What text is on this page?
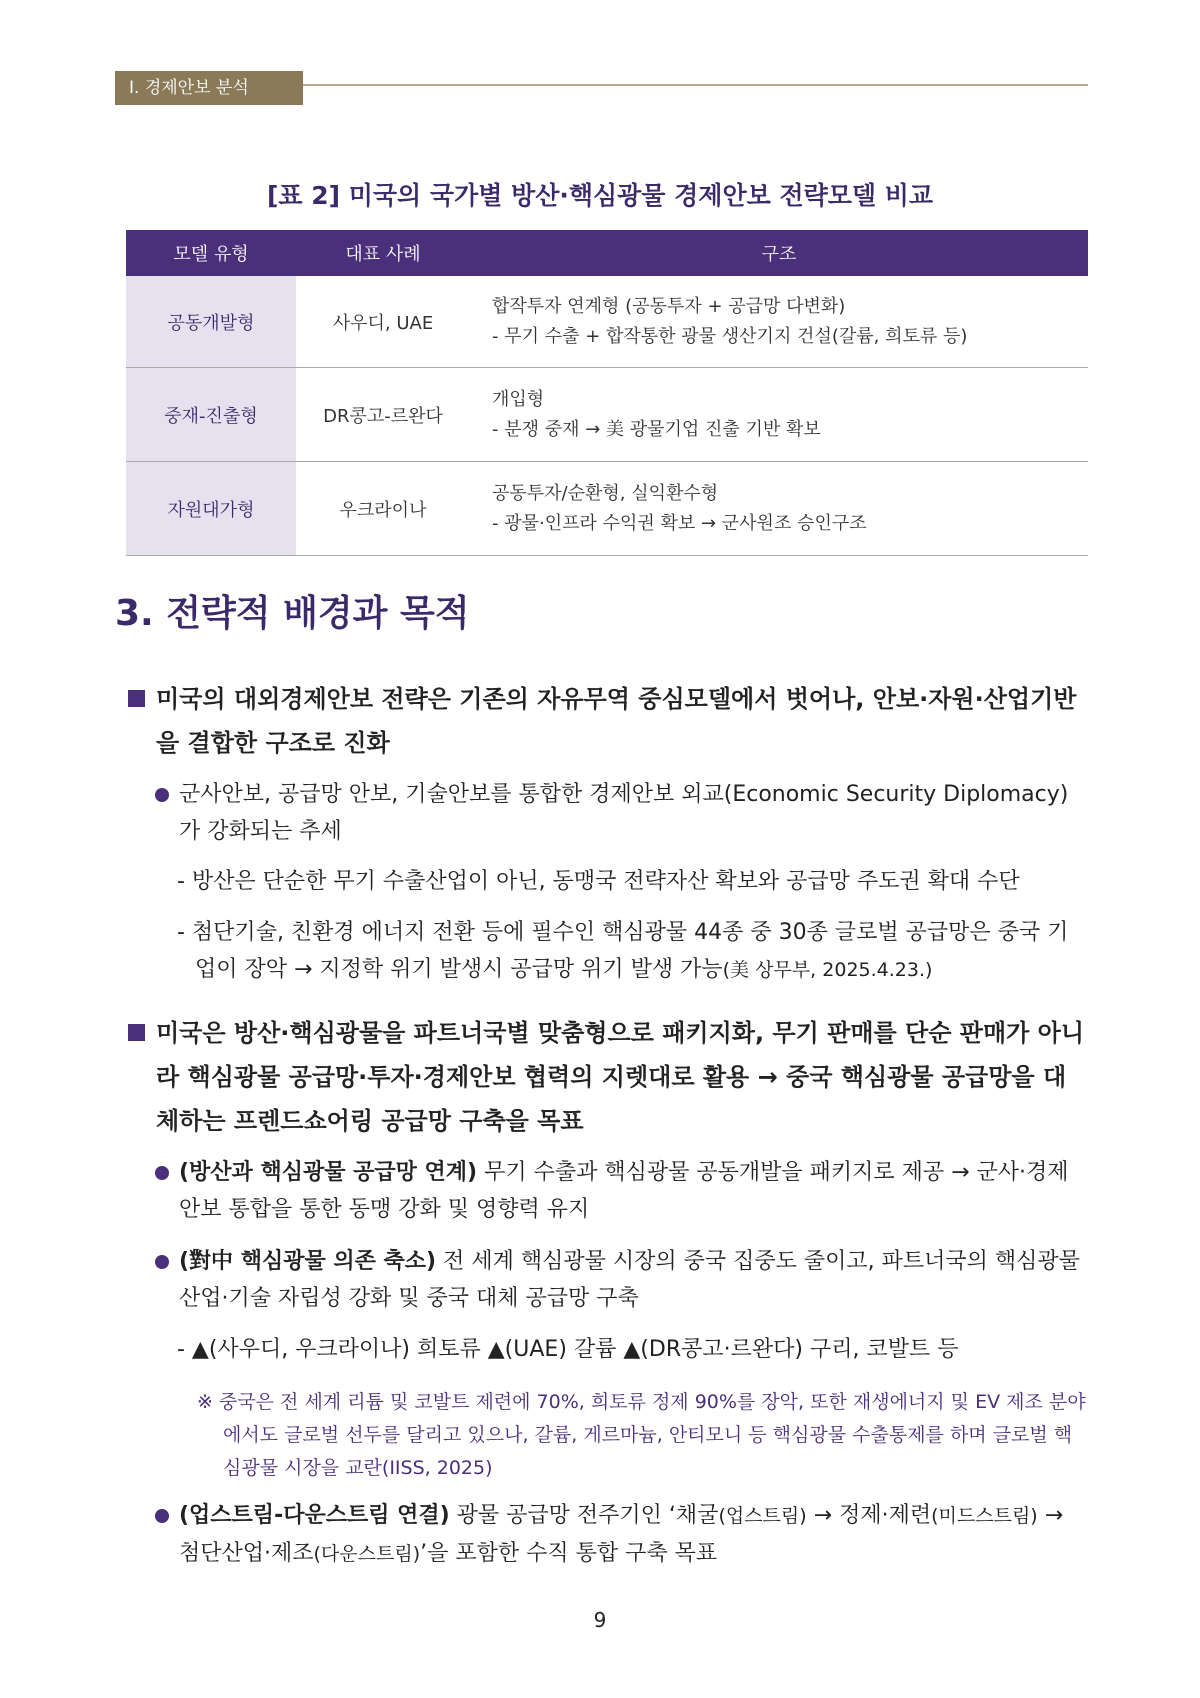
Ⅰ. 경제안보 분석
[표 2] 미국의 국가별 방산·핵심광물 경제안보 전략모델 비교
모델 유형	대표 사례	구조
공동개발형	사우디, UAE	합작투자 연계형 (공동투자 + 공급망 다변화)
- 무기 수출 + 합작통한 광물 생산기지 건설(갈륨, 희토류 등)

중재-진출형	DR콩고-르완다	개입형
- 분쟁 중재 → 美 광물기업 진출 기반 확보

자원대가형	우크라이나	공동투자/순환형, 실익환수형
- 광물·인프라 수익권 확보 → 군사원조 승인구조
3. 전략적 배경과 목적
미국의 대외경제안보 전략은 기존의 자유무역 중심모델에서 벗어나, 안보·자원·산업기반을 결합한 구조로 진화
군사안보, 공급망 안보, 기술안보를 통합한 경제안보 외교(Economic Security Diplomacy)가 강화되는 추세
- 방산은 단순한 무기 수출산업이 아닌, 동맹국 전략자산 확보와 공급망 주도권 확대 수단
- 첨단기술, 친환경 에너지 전환 등에 필수인 핵심광물 44종 중 30종 글로벌 공급망은 중국 기업이 장악 → 지정학 위기 발생시 공급망 위기 발생 가능(美 상무부, 2025.4.23.)
미국은 방산·핵심광물을 파트너국별 맞춤형으로 패키지화, 무기 판매를 단순 판매가 아니라 핵심광물 공급망·투자·경제안보 협력의 지렛대로 활용 → 중국 핵심광물 공급망을 대체하는 프렌드쇼어링 공급망 구축을 목표
(방산과 핵심광물 공급망 연계) 무기 수출과 핵심광물 공동개발을 패키지로 제공 → 군사·경제안보 통합을 통한 동맹 강화 및 영향력 유지
(對中 핵심광물 의존 축소) 전 세계 핵심광물 시장의 중국 집중도 줄이고, 파트너국의 핵심광물 산업·기술 자립성 강화 및 중국 대체 공급망 구축
- ▲(사우디, 우크라이나) 희토류 ▲(UAE) 갈륨 ▲(DR콩고·르완다) 구리, 코발트 등
※ 중국은 전 세계 리튬 및 코발트 제련에 70%, 희토류 정제 90%를 장악, 또한 재생에너지 및 EV 제조 분야에서도 글로벌 선두를 달리고 있으나, 갈륨, 게르마늄, 안티모니 등 핵심광물 수출통제를 하며 글로벌 핵심광물 시장을 교란(IISS, 2025)
(업스트림-다운스트림 연결) 광물 공급망 전주기인 ‘채굴(업스트림) → 정제·제련(미드스트림) → 첨단산업·제조(다운스트림)’을 포함한 수직 통합 구축 목표
9
